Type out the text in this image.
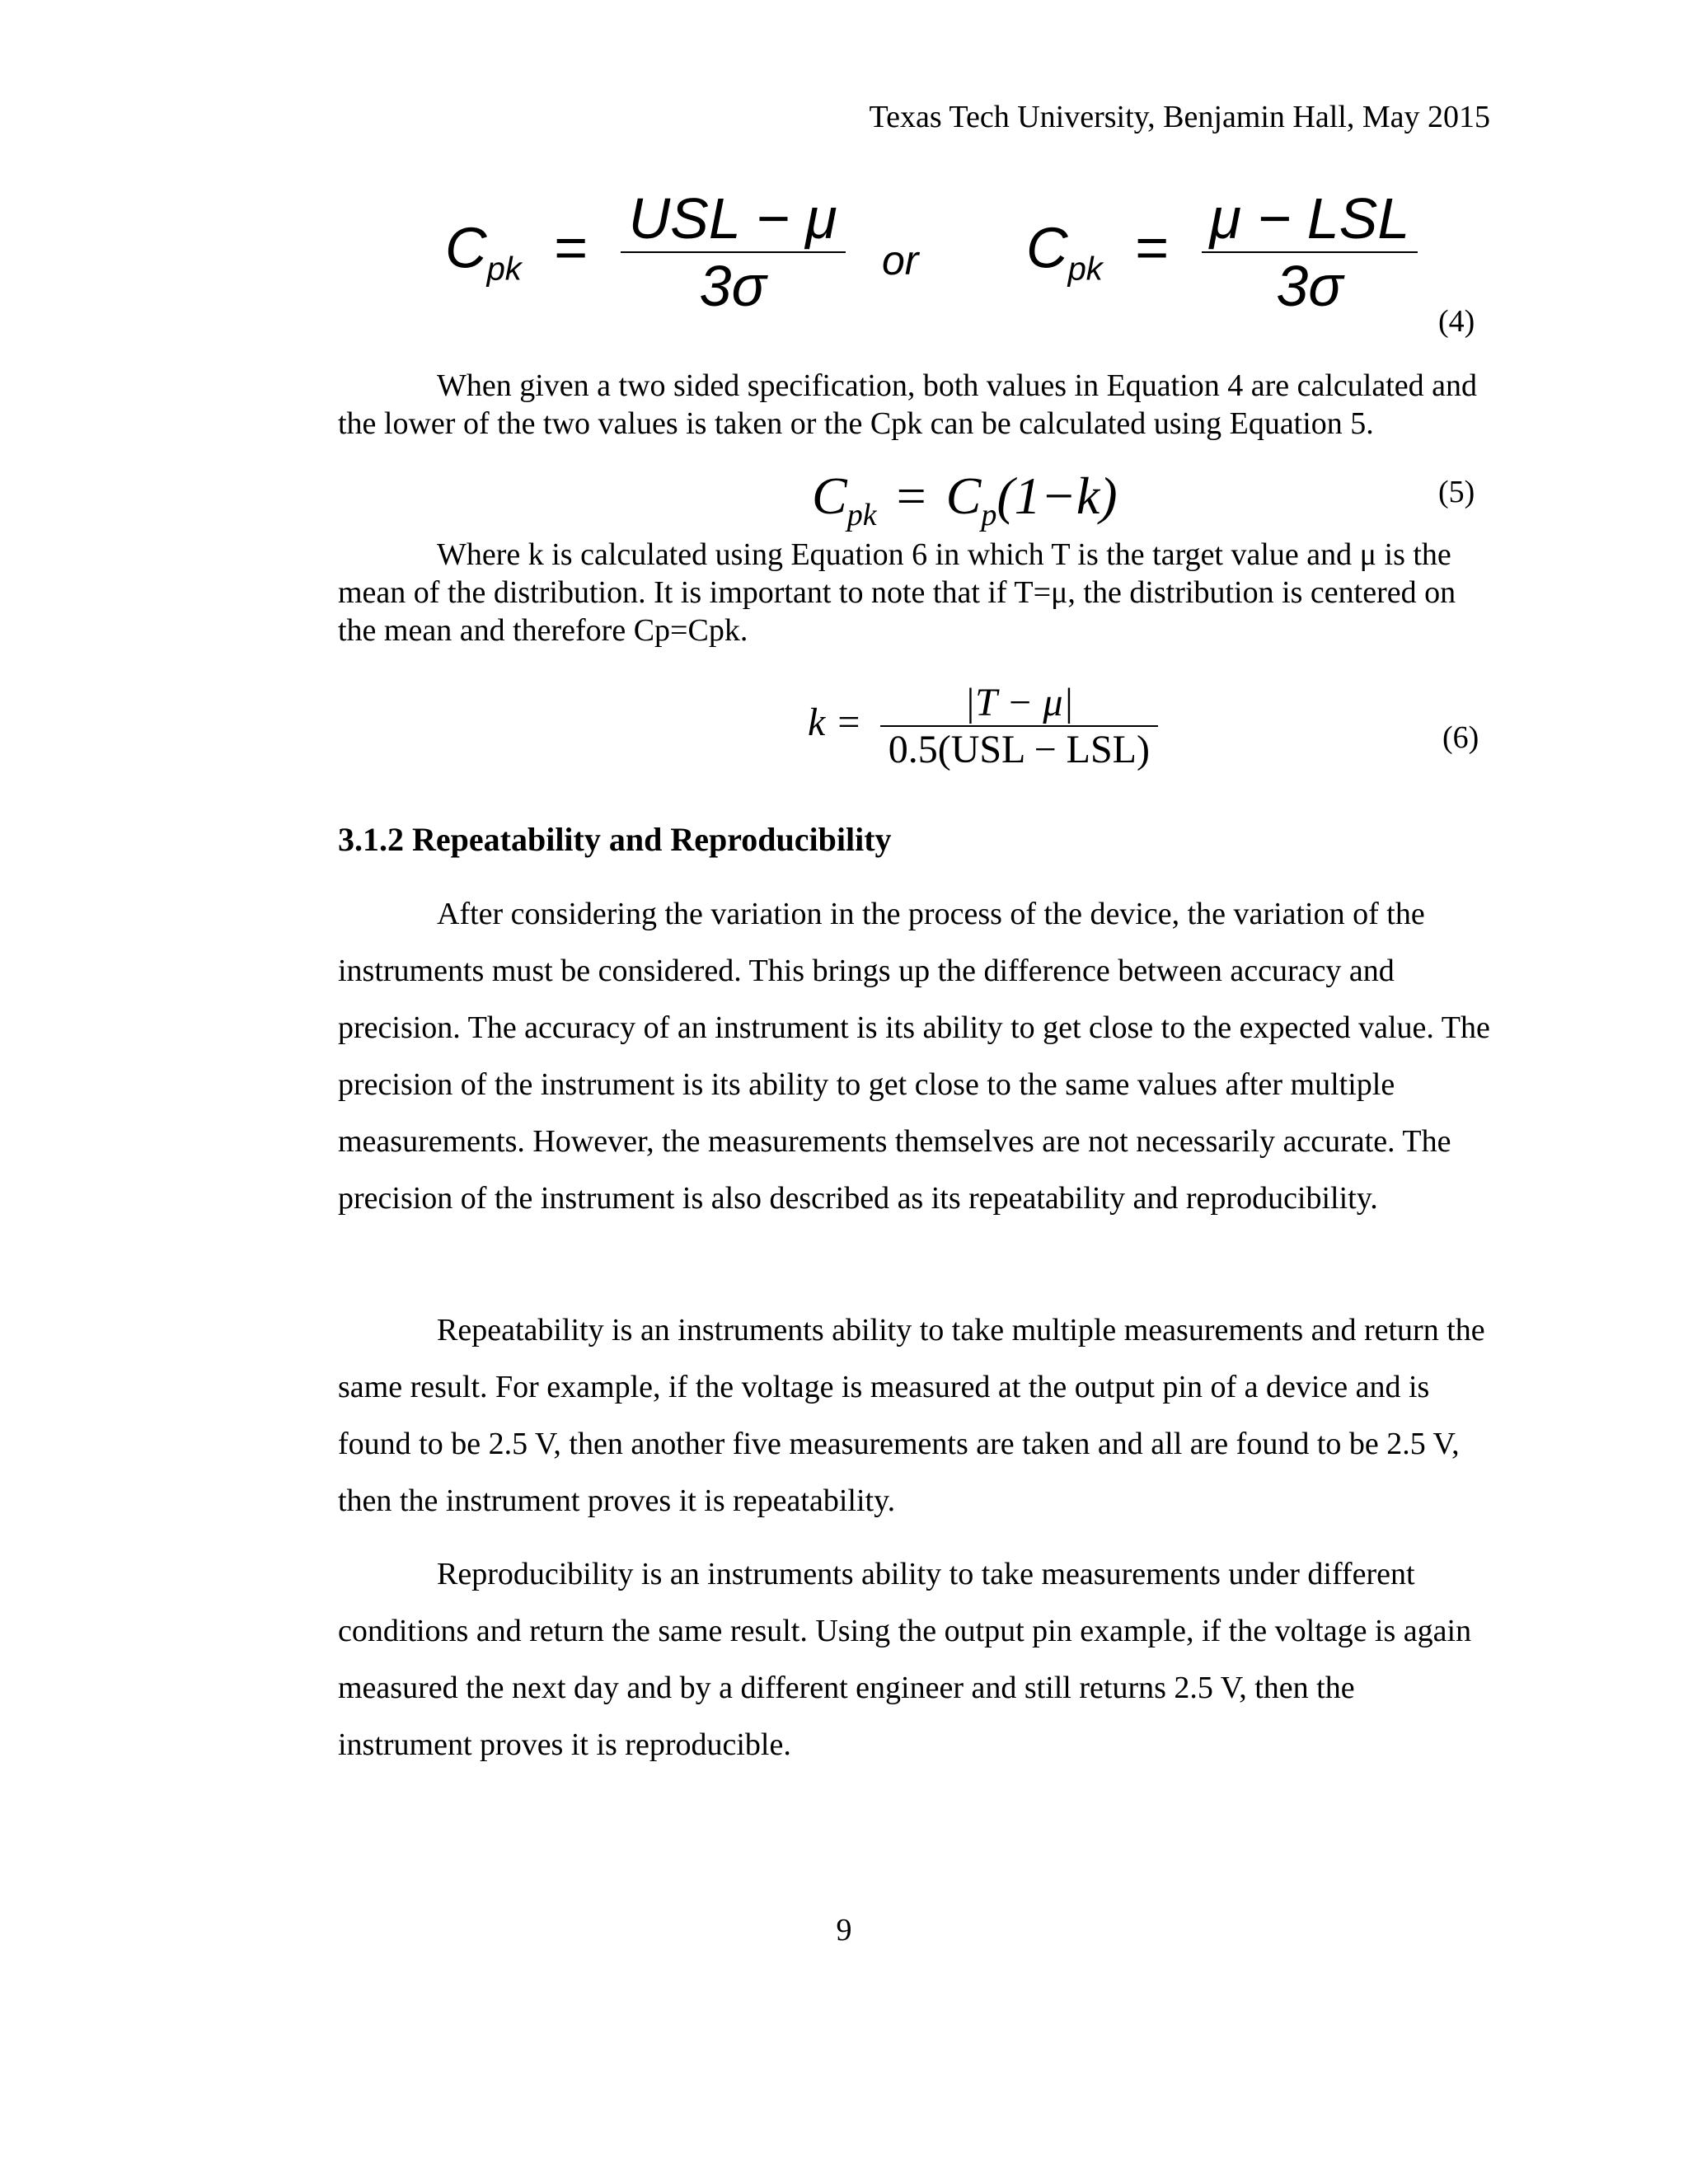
Texas Tech University, Benjamin Hall, May 2015
$C_{pk} = \frac{\text{USL − μ}}{3\sigma}$ or $C_{pk} = \frac{\text{μ − LSL}}{3\sigma}$
(4)
When given a two sided specification, both values in Equation 4 are calculated and the lower of the two values is taken or the Cpk can be calculated using Equation 5.
$C_{pk} = C_p(1-k)$	(5)
Where k is calculated using Equation 6 in which T is the target value and μ is the mean of the distribution. It is important to note that if T=μ, the distribution is centered on the mean and therefore Cp=Cpk.
$k = \frac{|T - \mu|}{\text{0.5(USL − LSL)}}$	(6)
3.1.2 Repeatability and Reproducibility
After considering the variation in the process of the device, the variation of the instruments must be considered. This brings up the difference between accuracy and precision. The accuracy of an instrument is its ability to get close to the expected value. The precision of the instrument is its ability to get close to the same values after multiple measurements. However, the measurements themselves are not necessarily accurate. The precision of the instrument is also described as its repeatability and reproducibility.
Repeatability is an instruments ability to take multiple measurements and return the same result. For example, if the voltage is measured at the output pin of a device and is found to be 2.5 V, then another five measurements are taken and all are found to be 2.5 V, then the instrument proves it is repeatability.
Reproducibility is an instruments ability to take measurements under different conditions and return the same result. Using the output pin example, if the voltage is again measured the next day and by a different engineer and still returns 2.5 V, then the instrument proves it is reproducible.
9
